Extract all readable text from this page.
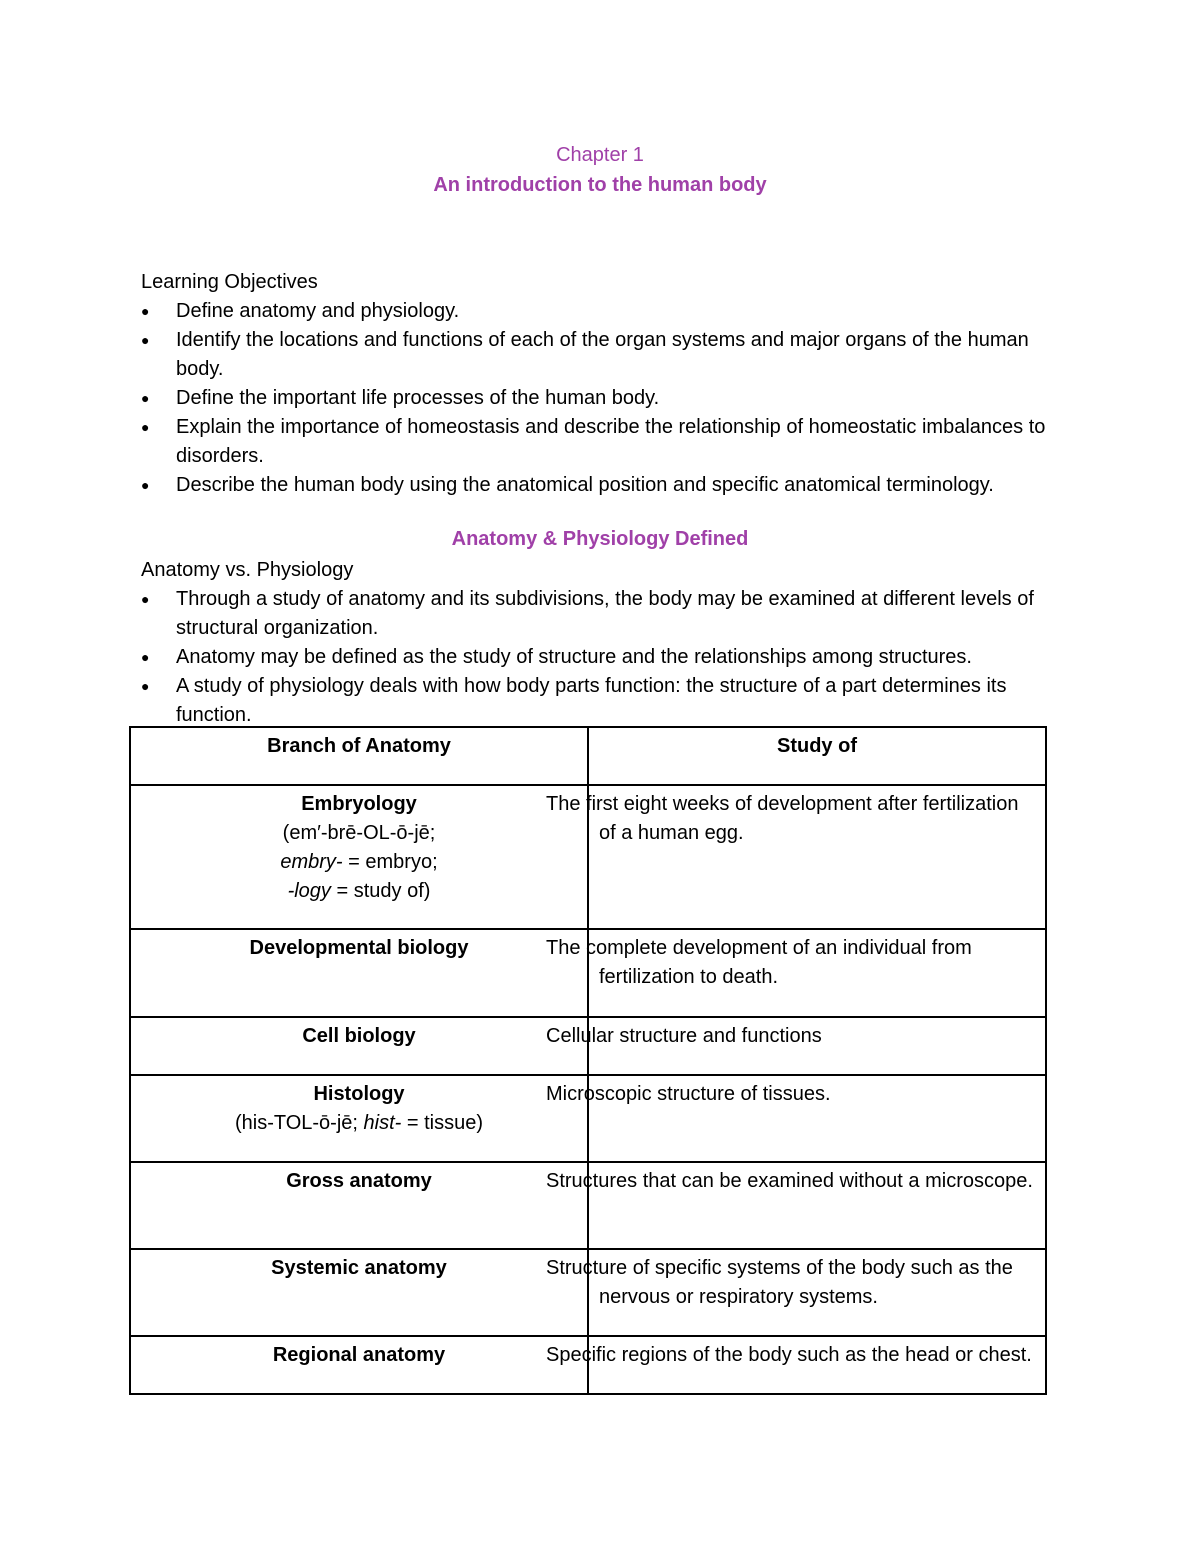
Chapter 1
An introduction to the human body
Learning Objectives
● Define anatomy and physiology.
● Identify the locations and functions of each of the organ systems and major organs of the human body.
● Define the important life processes of the human body.
● Explain the importance of homeostasis and describe the relationship of homeostatic imbalances to disorders.
● Describe the human body using the anatomical position and specific anatomical terminology.
Anatomy & Physiology Defined
Anatomy vs. Physiology
● Through a study of anatomy and its subdivisions, the body may be examined at different levels of structural organization.
● Anatomy may be defined as the study of structure and the relationships among structures.
● A study of physiology deals with how body parts function: the structure of a part determines its function.
Branch of Anatomy	Study of

Embryology
(em′-brē-OL-ō-jē;
embry- = embryo;
-logy = study of)	The first eight weeks of development after fertilization of a human egg.
Developmental biology	The complete development of an individual from fertilization to death.
Cell biology	Cellular structure and functions

Histology
(his-TOL-ō-jē; hist- = tissue)	Microscopic structure of tissues.
Gross anatomy	Structures that can be examined without a microscope.
Systemic anatomy	Structure of specific systems of the body such as the nervous or respiratory systems.
Regional anatomy	Specific regions of the body such as the head or chest.
